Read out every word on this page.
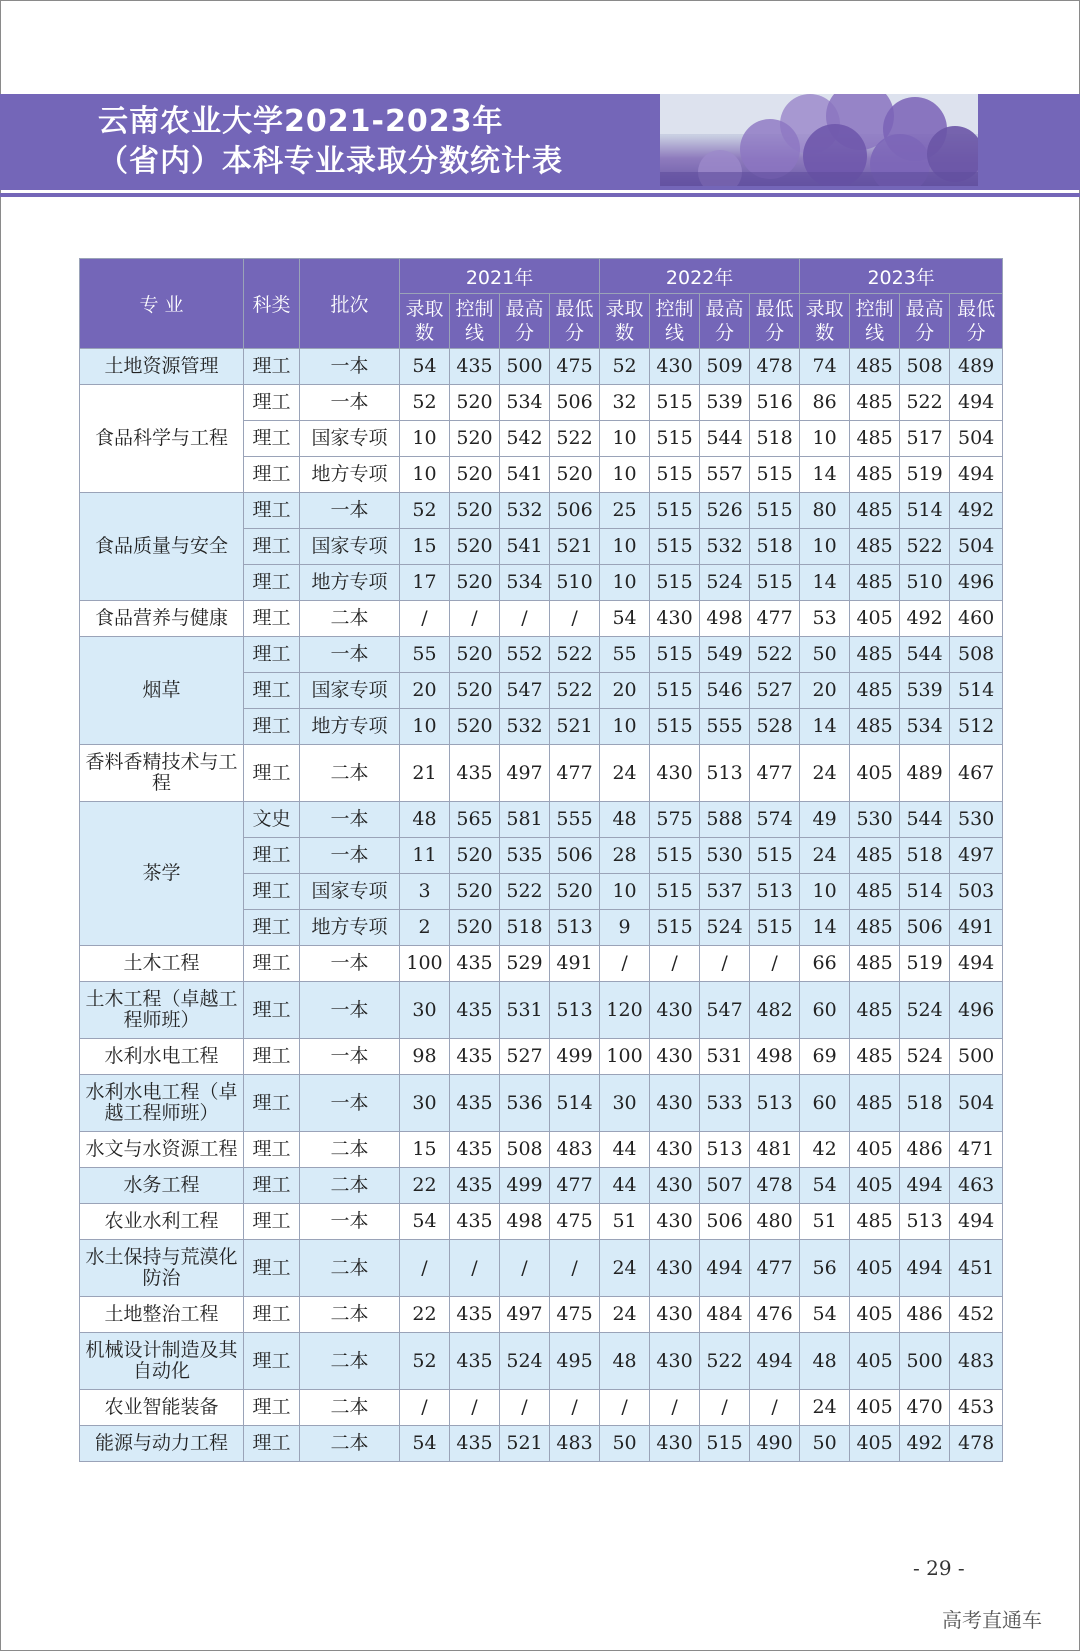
云南农业大学2021-2023年
（省内）本科专业录取分数统计表
专 业	科类	批次	2021年				2022年				2023年			
			录取数	控制线	最高分	最低分	录取数	控制线	最高分	最低分	录取数	控制线	最高分	最低分
土地资源管理	理工	一本	54	435	500	475	52	430	509	478	74	485	508	489
食品科学与工程	理工	一本	52	520	534	506	32	515	539	516	86	485	522	494
	理工	国家专项	10	520	542	522	10	515	544	518	10	485	517	504
	理工	地方专项	10	520	541	520	10	515	557	515	14	485	519	494
食品质量与安全	理工	一本	52	520	532	506	25	515	526	515	80	485	514	492
	理工	国家专项	15	520	541	521	10	515	532	518	10	485	522	504
	理工	地方专项	17	520	534	510	10	515	524	515	14	485	510	496
食品营养与健康	理工	二本	/	/	/	/	54	430	498	477	53	405	492	460
烟草	理工	一本	55	520	552	522	55	515	549	522	50	485	544	508
	理工	国家专项	20	520	547	522	20	515	546	527	20	485	539	514
	理工	地方专项	10	520	532	521	10	515	555	528	14	485	534	512
香料香精技术与工程	理工	二本	21	435	497	477	24	430	513	477	24	405	489	467
茶学	文史	一本	48	565	581	555	48	575	588	574	49	530	544	530
	理工	一本	11	520	535	506	28	515	530	515	24	485	518	497
	理工	国家专项	3	520	522	520	10	515	537	513	10	485	514	503
	理工	地方专项	2	520	518	513	9	515	524	515	14	485	506	491
土木工程	理工	一本	100	435	529	491	/	/	/	/	66	485	519	494
土木工程（卓越工程师班）	理工	一本	30	435	531	513	120	430	547	482	60	485	524	496
水利水电工程	理工	一本	98	435	527	499	100	430	531	498	69	485	524	500
水利水电工程（卓越工程师班）	理工	一本	30	435	536	514	30	430	533	513	60	485	518	504
水文与水资源工程	理工	二本	15	435	508	483	44	430	513	481	42	405	486	471
水务工程	理工	二本	22	435	499	477	44	430	507	478	54	405	494	463
农业水利工程	理工	一本	54	435	498	475	51	430	506	480	51	485	513	494
水土保持与荒漠化防治	理工	二本	/	/	/	/	24	430	494	477	56	405	494	451
土地整治工程	理工	二本	22	435	497	475	24	430	484	476	54	405	486	452
机械设计制造及其自动化	理工	二本	52	435	524	495	48	430	522	494	48	405	500	483
农业智能装备	理工	二本	/	/	/	/	/	/	/	/	24	405	470	453
能源与动力工程	理工	二本	54	435	521	483	50	430	515	490	50	405	492	478
- 29 -
高考直通车
